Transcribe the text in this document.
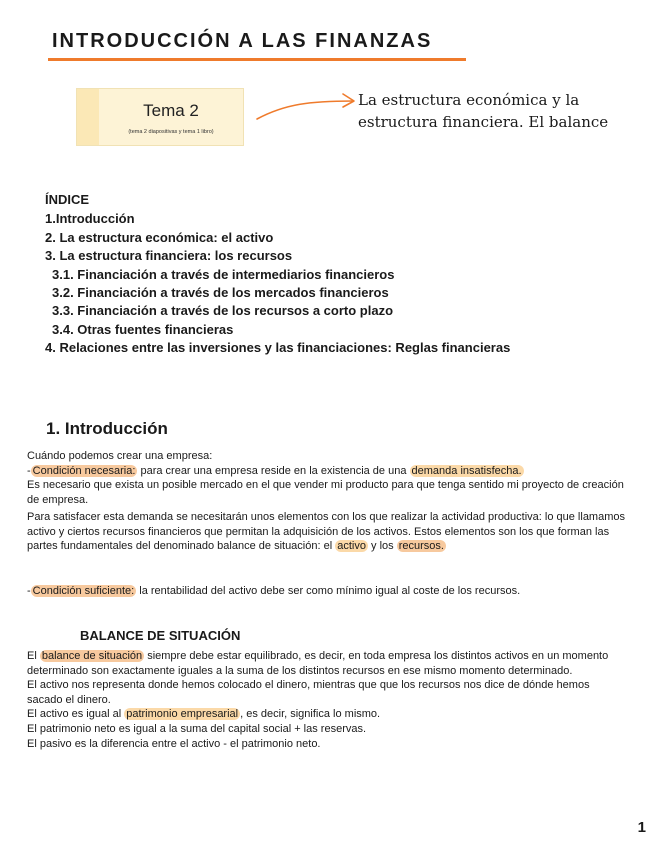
INTRODUCCIÓN A LAS FINANZAS
Tema 2
(tema 2 diapositivas y tema 1 libro)
La estructura económica y la
estructura financiera. El balance
ÍNDICE
1.Introducción
2. La estructura económica: el activo
3. La estructura financiera: los recursos
3.1. Financiación a través de intermediarios financieros
3.2. Financiación a través de los mercados financieros
3.3. Financiación a través de los recursos a corto plazo
3.4. Otras fuentes financieras
4. Relaciones entre las inversiones y las financiaciones: Reglas financieras
1. Introducción
Cuándo podemos crear una empresa:
- Condición necesaria: para crear una empresa reside en la existencia de una demanda insatisfecha.
Es necesario que exista un posible mercado en el que vender mi producto para que tenga sentido mi proyecto de creación de empresa.
Para satisfacer esta demanda se necesitarán unos elementos con los que realizar la actividad productiva: lo que llamamos activo y ciertos recursos financieros que permitan la adquisición de los activos. Estos elementos son los que forman las partes fundamentales del denominado balance de situación: el activo y los recursos.
- Condición suficiente: la rentabilidad del activo debe ser como mínimo igual al coste de los recursos.
BALANCE DE SITUACIÓN
El balance de situación siempre debe estar equilibrado, es decir, en toda empresa los distintos activos en un momento determinado son exactamente iguales a la suma de los distintos recursos en ese mismo momento determinado.
El activo nos representa donde hemos colocado el dinero, mientras que que los recursos nos dice de dónde hemos sacado el dinero.
El activo es igual al patrimonio empresarial , es decir, significa lo mismo.
El patrimonio neto es igual a la suma del capital social + las reservas.
El pasivo es la diferencia entre el activo - el patrimonio neto.
1
